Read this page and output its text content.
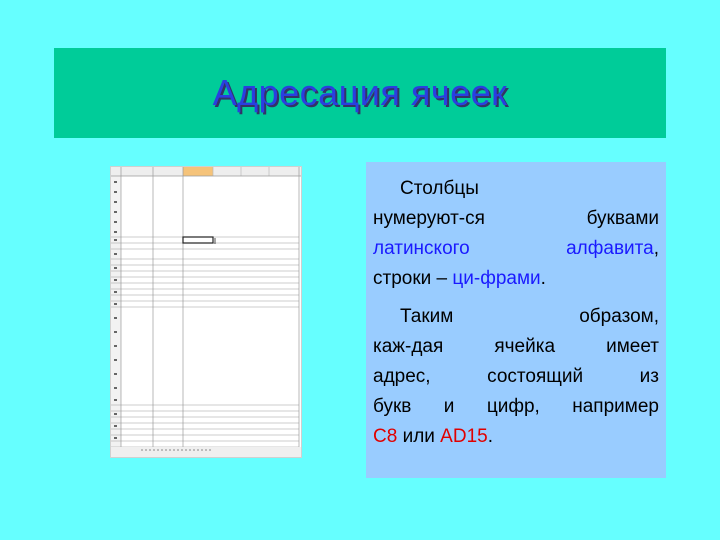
Адресация ячеек
Столбцы
нумеруют-ся	буквами
латинского	алфавита,
строки – ци-фрами .
Таким	образом,
каж-дая	ячейка	имеет
адрес,	состоящий	из
букв и цифр, например
C8 или AD15 .
